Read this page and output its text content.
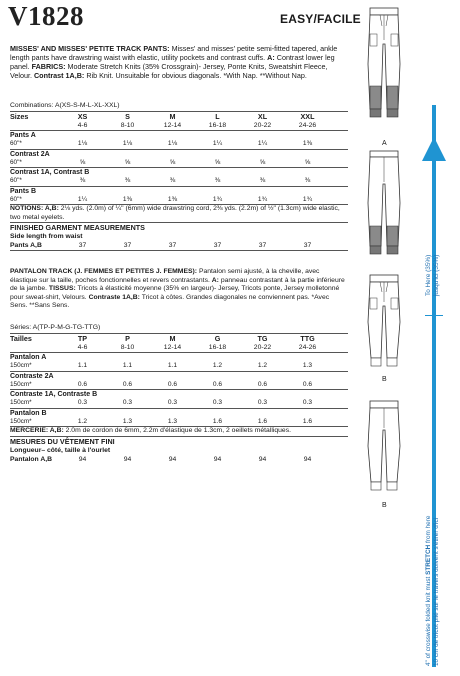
V1828	EASY/FACILE
MISSES' AND MISSES' PETITE TRACK PANTS: Misses' and misses' petite semi-fitted tapered, ankle length pants have drawstring waist with elastic, utility pockets and contrast cuffs. A: Contrast lower leg panel. FABRICS: Moderate Stretch Knits (35% Crossgrain)- Jersey, Ponte Knits, Sweatshirt Fleece, Velour. Contrast 1A,B: Rib Knit. Unsuitable for obvious diagonals. *With Nap. **Without Nap.
Combinations: A(XS-S-M-L-XL-XXL)
Sizes	XS	S	M	L	XL	XXL
4-6	8-10	12-14	16-18	20-22	24-26
Pants A
60"*	1⅛	1⅛	1⅛	1¼	1¼	1⅜
Contrast 2A
60"*	⅝	⅝	⅝	⅝	⅝	⅝
Contrast 1A, Contrast B
60"*	⅜	⅜	⅜	⅜	⅜	⅜
Pants B
60"*	1¼	1⅜	1⅜	1¾	1¾	1¾
NOTIONS: A,B: 2⅛ yds. (2.0m) of ¼" (6mm) wide drawstring cord, 2⅜ yds. (2.2m) of ½" (1.3cm) wide elastic, two metal eyelets.
FINISHED GARMENT MEASUREMENTS
Side length from waist
Pants A,B	37	37	37	37	37	37
PANTALON TRACK (J. FEMMES ET PETITES J. FEMMES): Pantalon semi ajusté, à la cheville, avec élastique sur la taille, poches fonctionnelles et revers contrastants. A: panneau contrastant à la partie inférieure de la jambe. TISSUS: Tricots à élasticité moyenne (35% en largeur)- Jersey, Tricots ponte, Jersey molletonné pour sweat-shirt, Velours. Contraste 1A,B: Tricot à côtes. Grandes diagonales ne conviennent pas. *Avec Sens. **Sans Sens.
Séries: A(TP-P-M-G-TG-TTG)
Tailles	TP	P	M	G	TG	TTG
4-6	8-10	12-14	16-18	20-22	24-26
Pantalon A
150cm*	1.1	1.1	1.1	1.2	1.2	1.3
Contraste 2A
150cm*	0.6	0.6	0.6	0.6	0.6	0.6
Contraste 1A, Contraste B
150cm*	0.3	0.3	0.3	0.3	0.3	0.3
Pantalon B
150cm*	1.2	1.3	1.3	1.6	1.6	1.6
MERCERIE: A,B: 2.0m de cordon de 6mm, 2.2m d'élastique de 1.3cm, 2 oeillets métalliques.
MESURES DU VÊTEMENT FINI
Longueur– côté, taille à l'ourlet
Pantalon A,B	94	94	94	94	94	94
A
B
B
To Here (35%) jusqu'ici (35%)
4" of crosswise folded knit must STRETCH from here 10 cm de tricot plié sur le travers doivent s'étirer d'ici
